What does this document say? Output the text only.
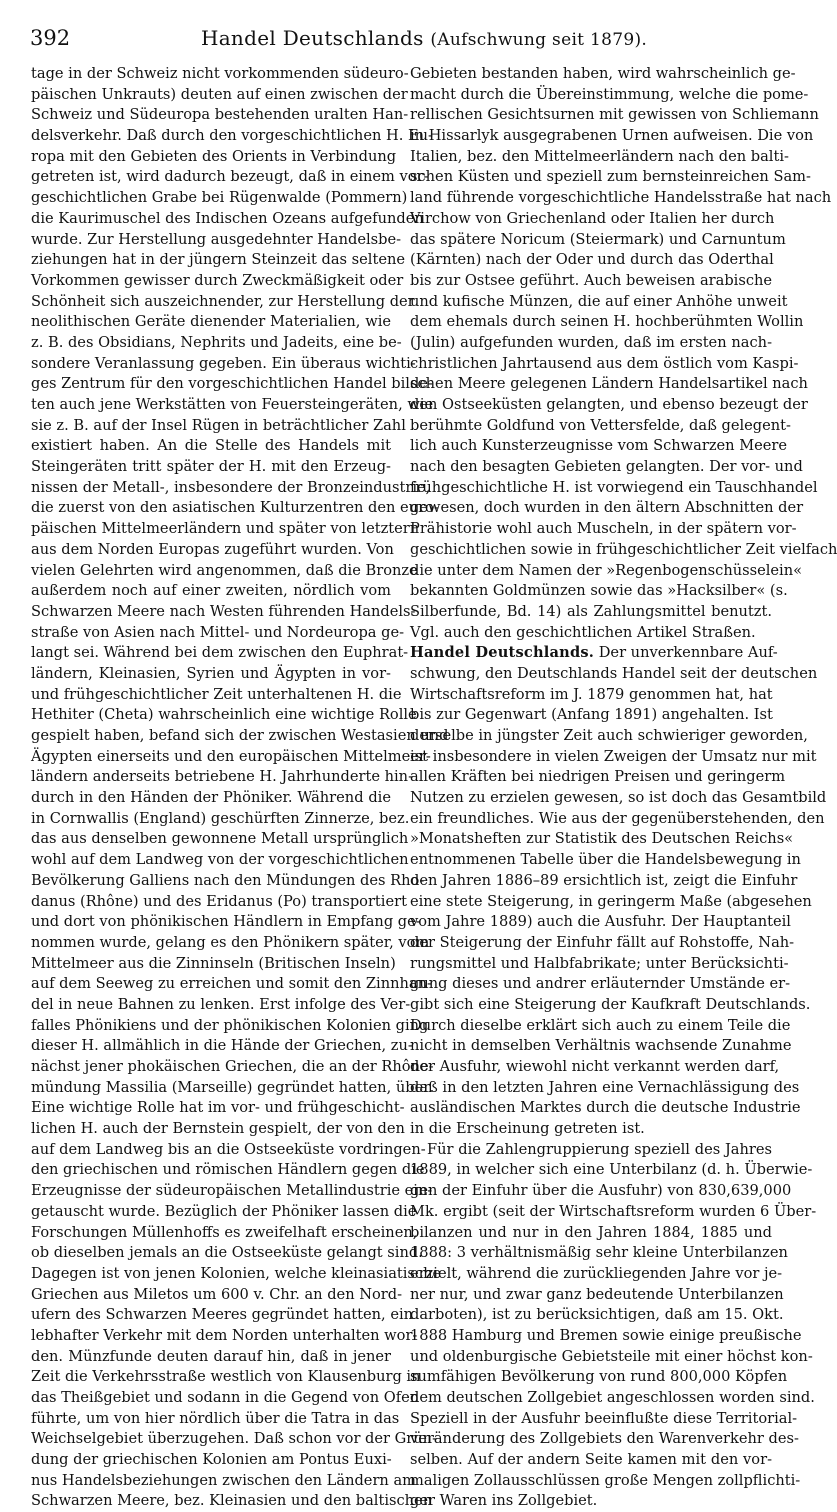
392	Handel Deutschlands (Aufschwung seit 1879).

tage in der Schweiz nicht vorkommenden südeuro-
päischen Unkrauts) deuten auf einen zwischen der
Schweiz und Südeuropa bestehenden uralten Han-
delsverkehr. Daß durch den vorgeschichtlichen H. Eu-
ropa mit den Gebieten des Orients in Verbindung
getreten ist, wird dadurch bezeugt, daß in einem vor-
geschichtlichen Grabe bei Rügenwalde (Pommern)
die Kaurimuschel des Indischen Ozeans aufgefunden
wurde. Zur Herstellung ausgedehnter Handelsbe-
ziehungen hat in der jüngern Steinzeit das seltene
Vorkommen gewisser durch Zweckmäßigkeit oder
Schönheit sich auszeichnender, zur Herstellung der
neolithischen Geräte dienender Materialien, wie
z. B. des Obsidians, Nephrits und Jadeits, eine be-
sondere Veranlassung gegeben. Ein überaus wichti-
ges Zentrum für den vorgeschichtlichen Handel bilde-
ten auch jene Werkstätten von Feuersteingeräten, wie
sie z. B. auf der Insel Rügen in beträchtlicher Zahl
existiert haben. An die Stelle des Handels mit
Steingeräten tritt später der H. mit den Erzeug-
nissen der Metall-, insbesondere der Bronzeindustrie,
die zuerst von den asiatischen Kulturzentren den euro-
päischen Mittelmeerländern und später von letztern
aus dem Norden Europas zugeführt wurden. Von
vielen Gelehrten wird angenommen, daß die Bronze
außerdem noch auf einer zweiten, nördlich vom
Schwarzen Meere nach Westen führenden Handels-
straße von Asien nach Mittel- und Nordeuropa ge-
langt sei. Während bei dem zwischen den Euphrat-
ländern, Kleinasien, Syrien und Ägypten in vor-
und frühgeschichtlicher Zeit unterhaltenen H. die
Hethiter (Cheta) wahrscheinlich eine wichtige Rolle
gespielt haben, befand sich der zwischen Westasien und
Ägypten einerseits und den europäischen Mittelmeer-
ländern anderseits betriebene H. Jahrhunderte hin-
durch in den Händen der Phöniker. Während die
in Cornwallis (England) geschürften Zinnerze, bez.
das aus denselben gewonnene Metall ursprünglich
wohl auf dem Landweg von der vorgeschichtlichen
Bevölkerung Galliens nach den Mündungen des Rho-
danus (Rhône) und des Eridanus (Po) transportiert
und dort von phönikischen Händlern in Empfang ge-
nommen wurde, gelang es den Phönikern später, vom
Mittelmeer aus die Zinninseln (Britischen Inseln)
auf dem Seeweg zu erreichen und somit den Zinnhan-
del in neue Bahnen zu lenken. Erst infolge des Ver-
falles Phönikiens und der phönikischen Kolonien ging
dieser H. allmählich in die Hände der Griechen, zu-
nächst jener phokäischen Griechen, die an der Rhône-
mündung Massilia (Marseille) gegründet hatten, über.
Eine wichtige Rolle hat im vor- und frühgeschicht-
lichen H. auch der Bernstein gespielt, der von den
auf dem Landweg bis an die Ostseeküste vordringen-
den griechischen und römischen Händlern gegen die
Erzeugnisse der südeuropäischen Metallindustrie ein-
getauscht wurde. Bezüglich der Phöniker lassen die
Forschungen Müllenhoffs es zweifelhaft erscheinen,
ob dieselben jemals an die Ostseeküste gelangt sind.
Dagegen ist von jenen Kolonien, welche kleinasiatische
Griechen aus Miletos um 600 v. Chr. an den Nord-
ufern des Schwarzen Meeres gegründet hatten, ein
lebhafter Verkehr mit dem Norden unterhalten wor-
den. Münzfunde deuten darauf hin, daß in jener
Zeit die Verkehrsstraße westlich von Klausenburg in
das Theißgebiet und sodann in die Gegend von Ofen
führte, um von hier nördlich über die Tatra in das
Weichselgebiet überzugehen. Daß schon vor der Grün-
dung der griechischen Kolonien am Pontus Euxi-
nus Handelsbeziehungen zwischen den Ländern am
Schwarzen Meere, bez. Kleinasien und den baltischen

Gebieten bestanden haben, wird wahrscheinlich ge-
macht durch die Übereinstimmung, welche die pome-
rellischen Gesichtsurnen mit gewissen von Schliemann
in Hissarlyk ausgegrabenen Urnen aufweisen. Die von
Italien, bez. den Mittelmeerländern nach den balti-
schen Küsten und speziell zum bernsteinreichen Sam-
land führende vorgeschichtliche Handelsstraße hat nach
Virchow von Griechenland oder Italien her durch
das spätere Noricum (Steiermark) und Carnuntum
(Kärnten) nach der Oder und durch das Oderthal
bis zur Ostsee geführt. Auch beweisen arabische
und kufische Münzen, die auf einer Anhöhe unweit
dem ehemals durch seinen H. hochberühmten Wollin
(Julin) aufgefunden wurden, daß im ersten nach-
christlichen Jahrtausend aus dem östlich vom Kaspi-
schen Meere gelegenen Ländern Handelsartikel nach
den Ostseeküsten gelangten, und ebenso bezeugt der
berühmte Goldfund von Vettersfelde, daß gelegent-
lich auch Kunsterzeugnisse vom Schwarzen Meere
nach den besagten Gebieten gelangten. Der vor- und
frühgeschichtliche H. ist vorwiegend ein Tauschhandel
gewesen, doch wurden in den ältern Abschnitten der
Prähistorie wohl auch Muscheln, in der spätern vor-
geschichtlichen sowie in frühgeschichtlicher Zeit vielfach
die unter dem Namen der »Regenbogenschüsselein«
bekannten Goldmünzen sowie das »Hacksilber« (s.
Silberfunde, Bd. 14) als Zahlungsmittel benutzt.
Vgl. auch den geschichtlichen Artikel Straßen.

Handel Deutschlands. Der unverkennbare Auf-
schwung, den Deutschlands Handel seit der deutschen
Wirtschaftsreform im J. 1879 genommen hat, hat
bis zur Gegenwart (Anfang 1891) angehalten. Ist
derselbe in jüngster Zeit auch schwieriger geworden,
ist insbesondere in vielen Zweigen der Umsatz nur mit
allen Kräften bei niedrigen Preisen und geringerm
Nutzen zu erzielen gewesen, so ist doch das Gesamtbild
ein freundliches. Wie aus der gegenüberstehenden, den
»Monatsheften zur Statistik des Deutschen Reichs«
entnommenen Tabelle über die Handelsbewegung in
den Jahren 1886–89 ersichtlich ist, zeigt die Einfuhr
eine stete Steigerung, in geringerm Maße (abgesehen
vom Jahre 1889) auch die Ausfuhr. Der Hauptanteil
der Steigerung der Einfuhr fällt auf Rohstoffe, Nah-
rungsmittel und Halbfabrikate; unter Berücksichti-
gung dieses und andrer erläuternder Umstände er-
gibt sich eine Steigerung der Kaufkraft Deutschlands.
Durch dieselbe erklärt sich auch zu einem Teile die
nicht in demselben Verhältnis wachsende Zunahme
der Ausfuhr, wiewohl nicht verkannt werden darf,
daß in den letzten Jahren eine Vernachlässigung des
ausländischen Marktes durch die deutsche Industrie
in die Erscheinung getreten ist.

Für die Zahlengruppierung speziell des Jahres
1889, in welcher sich eine Unterbilanz (d. h. Überwie-
gen der Einfuhr über die Ausfuhr) von 830,639,000
Mk. ergibt (seit der Wirtschaftsreform wurden 6 Über-
bilanzen und nur in den Jahren 1884, 1885 und
1888: 3 verhältnismäßig sehr kleine Unterbilanzen
erzielt, während die zurückliegenden Jahre vor je-
ner nur, und zwar ganz bedeutende Unterbilanzen
darboten), ist zu berücksichtigen, daß am 15. Okt.
1888 Hamburg und Bremen sowie einige preußische
und oldenburgische Gebietsteile mit einer höchst kon-
sumfähigen Bevölkerung von rund 800,000 Köpfen
dem deutschen Zollgebiet angeschlossen worden sind.
Speziell in der Ausfuhr beeinflußte diese Territorial-
veränderung des Zollgebiets den Warenverkehr des-
selben. Auf der andern Seite kamen mit den vor-
maligen Zollausschlüssen große Mengen zollpflichti-
ger Waren ins Zollgebiet.
